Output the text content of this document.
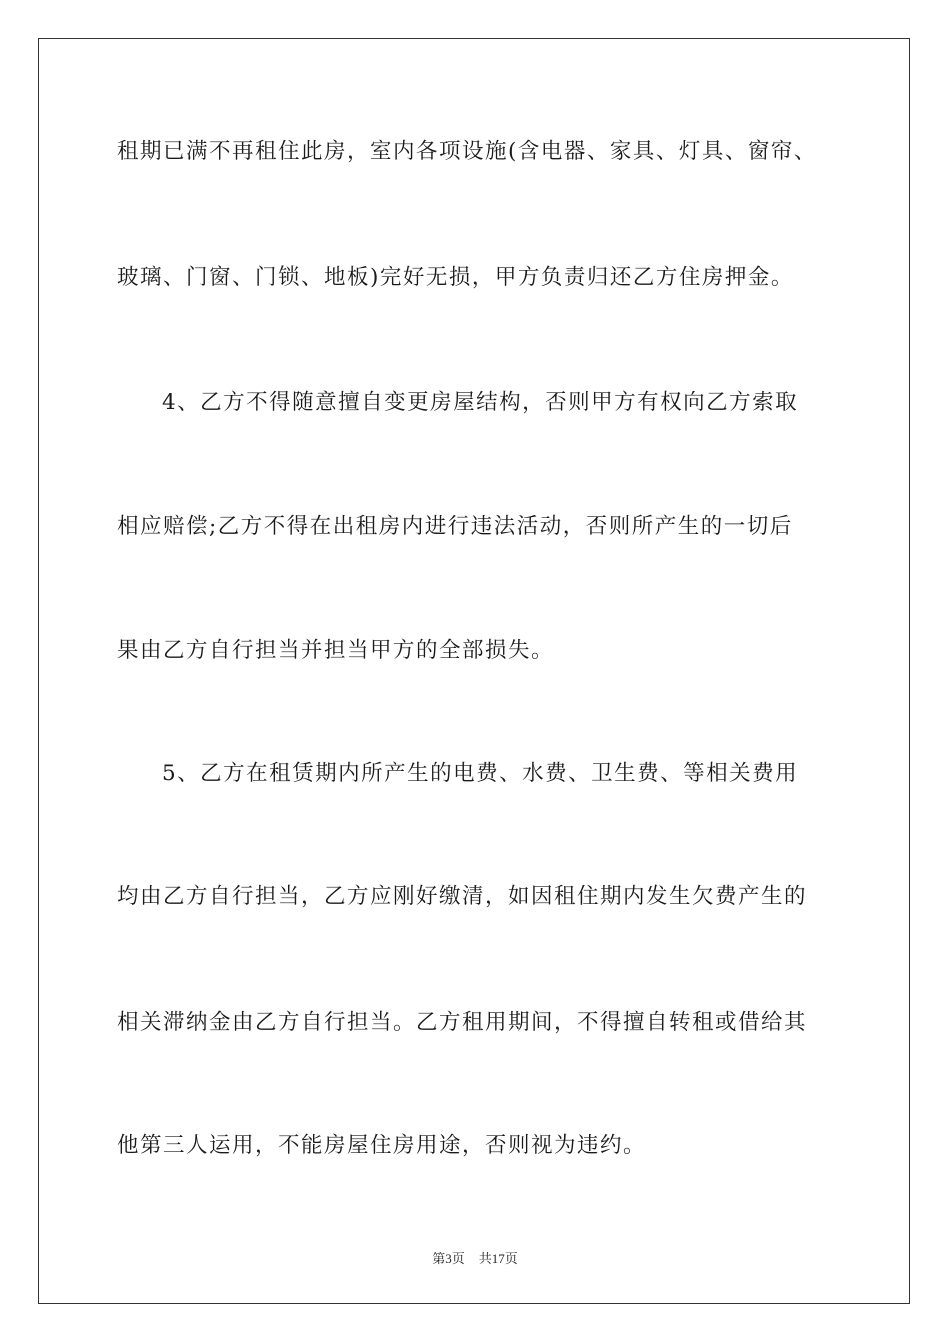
租期已满不再租住此房，室内各项设施(含电器、家具、灯具、窗帘、
玻璃、门窗、门锁、地板)完好无损，甲方负责归还乙方住房押金。
4、乙方不得随意擅自变更房屋结构，否则甲方有权向乙方索取
相应赔偿;乙方不得在出租房内进行违法活动，否则所产生的一切后
果由乙方自行担当并担当甲方的全部损失。
5、乙方在租赁期内所产生的电费、水费、卫生费、等相关费用
均由乙方自行担当，乙方应刚好缴清，如因租住期内发生欠费产生的
相关滞纳金由乙方自行担当。乙方租用期间，不得擅自转租或借给其
他第三人运用，不能房屋住房用途，否则视为违约。
第3页 共17页
